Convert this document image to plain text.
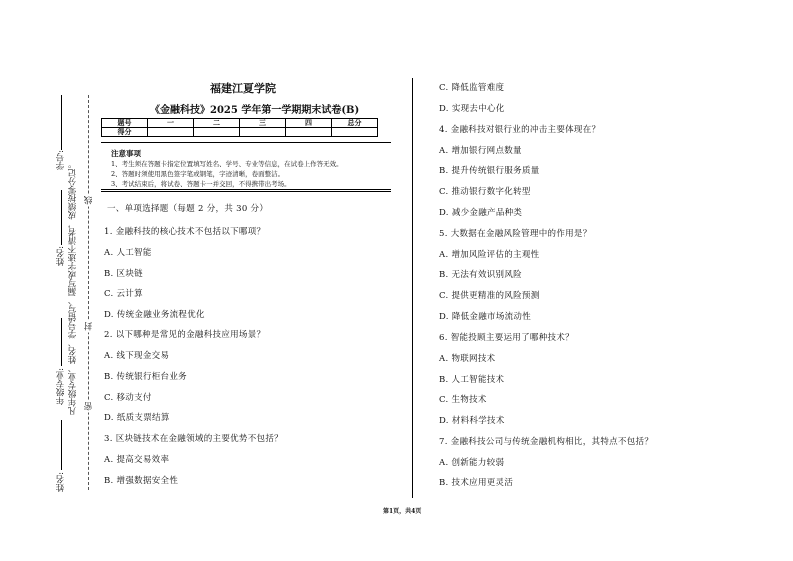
学号:
姓名:
年级专业:
姓名:
凡年级专业、姓名、学号错写、漏写或字迹不清者，成绩按零分记。 线
封
密
福建江夏学院
《金融科技》2025 学年第一学期期末试卷(B)
题号	一	二	三	四	总分
得分					
注意事项
1、考生须在答题卡指定位置填写姓名、学号、专业等信息，在试卷上作答无效。
2、答题时须使用黑色签字笔或钢笔，字迹清晰，卷面整洁。
3、考试结束后，将试卷、答题卡一并交回，不得携带出考场。
一、单项选择题（每题 2 分，共 30 分）
1. 金融科技的核心技术不包括以下哪项？
A. 人工智能
B. 区块链
C. 云计算
D. 传统金融业务流程优化
2. 以下哪种是常见的金融科技应用场景？
A. 线下现金交易
B. 传统银行柜台业务
C. 移动支付
D. 纸质支票结算
3. 区块链技术在金融领域的主要优势不包括？
A. 提高交易效率
B. 增强数据安全性
C. 降低监管难度
D. 实现去中心化
4. 金融科技对银行业的冲击主要体现在？
A. 增加银行网点数量
B. 提升传统银行服务质量
C. 推动银行数字化转型
D. 减少金融产品种类
5. 大数据在金融风险管理中的作用是？
A. 增加风险评估的主观性
B. 无法有效识别风险
C. 提供更精准的风险预测
D. 降低金融市场流动性
6. 智能投顾主要运用了哪种技术？
A. 物联网技术
B. 人工智能技术
C. 生物技术
D. 材料科学技术
7. 金融科技公司与传统金融机构相比，其特点不包括？
A. 创新能力较弱
B. 技术应用更灵活
第1页，共4页
